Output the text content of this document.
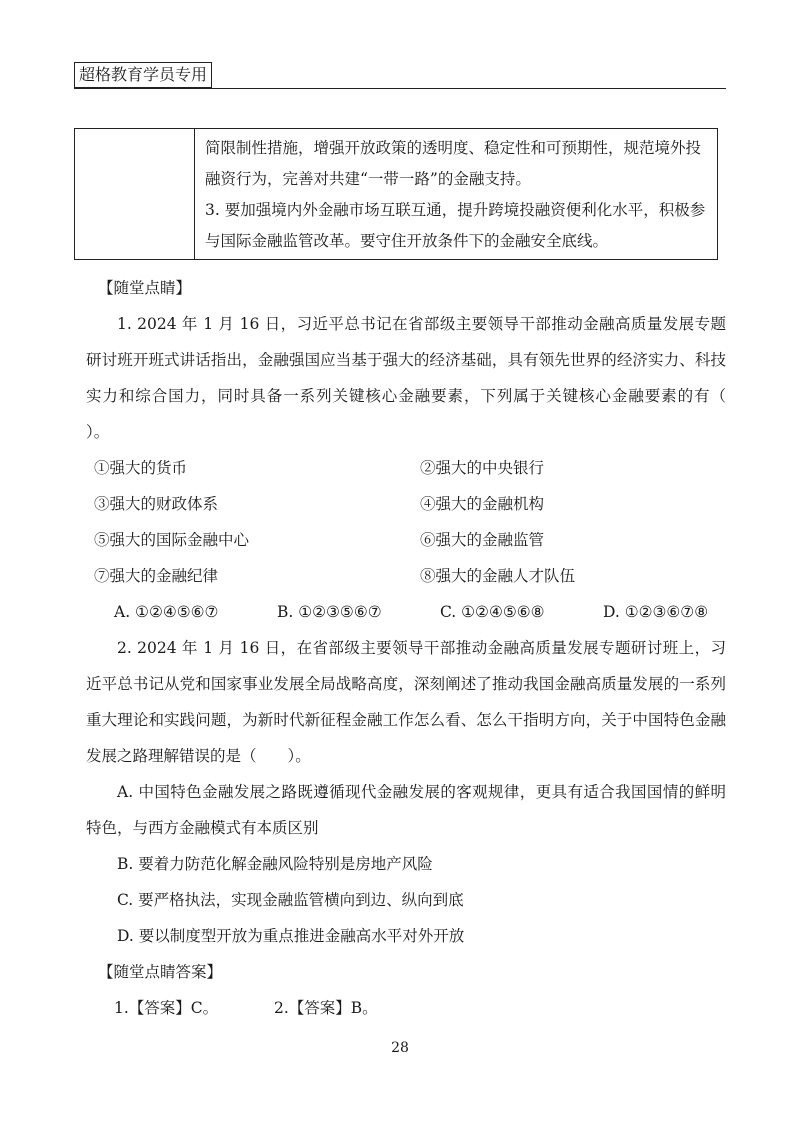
超格教育学员专用

简限制性措施，增强开放政策的透明度、稳定性和可预期性，规范境外投融资行为，完善对共建“一带一路”的金融支持。

3. 要加强境内外金融市场互联互通，提升跨境投融资便利化水平，积极参与国际金融监管改革。要守住开放条件下的金融安全底线。

【随堂点睛】

1. 2024 年 1 月 16 日，习近平总书记在省部级主要领导干部推动金融高质量发展专题研讨班开班式讲话指出，金融强国应当基于强大的经济基础，具有领先世界的经济实力、科技实力和综合国力，同时具备一系列关键核心金融要素，下列属于关键核心金融要素的有（　　）。

①强大的货币	②强大的中央银行
③强大的财政体系	④强大的金融机构
⑤强大的国际金融中心	⑥强大的金融监管
⑦强大的金融纪律	⑧强大的金融人才队伍
A. ①②④⑤⑥⑦	B. ①②③⑤⑥⑦	C. ①②④⑤⑥⑧	D. ①②③⑥⑦⑧

2. 2024 年 1 月 16 日，在省部级主要领导干部推动金融高质量发展专题研讨班上，习近平总书记从党和国家事业发展全局战略高度，深刻阐述了推动我国金融高质量发展的一系列重大理论和实践问题，为新时代新征程金融工作怎么看、怎么干指明方向，关于中国特色金融发展之路理解错误的是（　　）。

A. 中国特色金融发展之路既遵循现代金融发展的客观规律，更具有适合我国国情的鲜明特色，与西方金融模式有本质区别

B. 要着力防范化解金融风险特别是房地产风险

C. 要严格执法，实现金融监管横向到边、纵向到底

D. 要以制度型开放为重点推进金融高水平对外开放

【随堂点睛答案】

1.【答案】C。	2.【答案】B。
28
